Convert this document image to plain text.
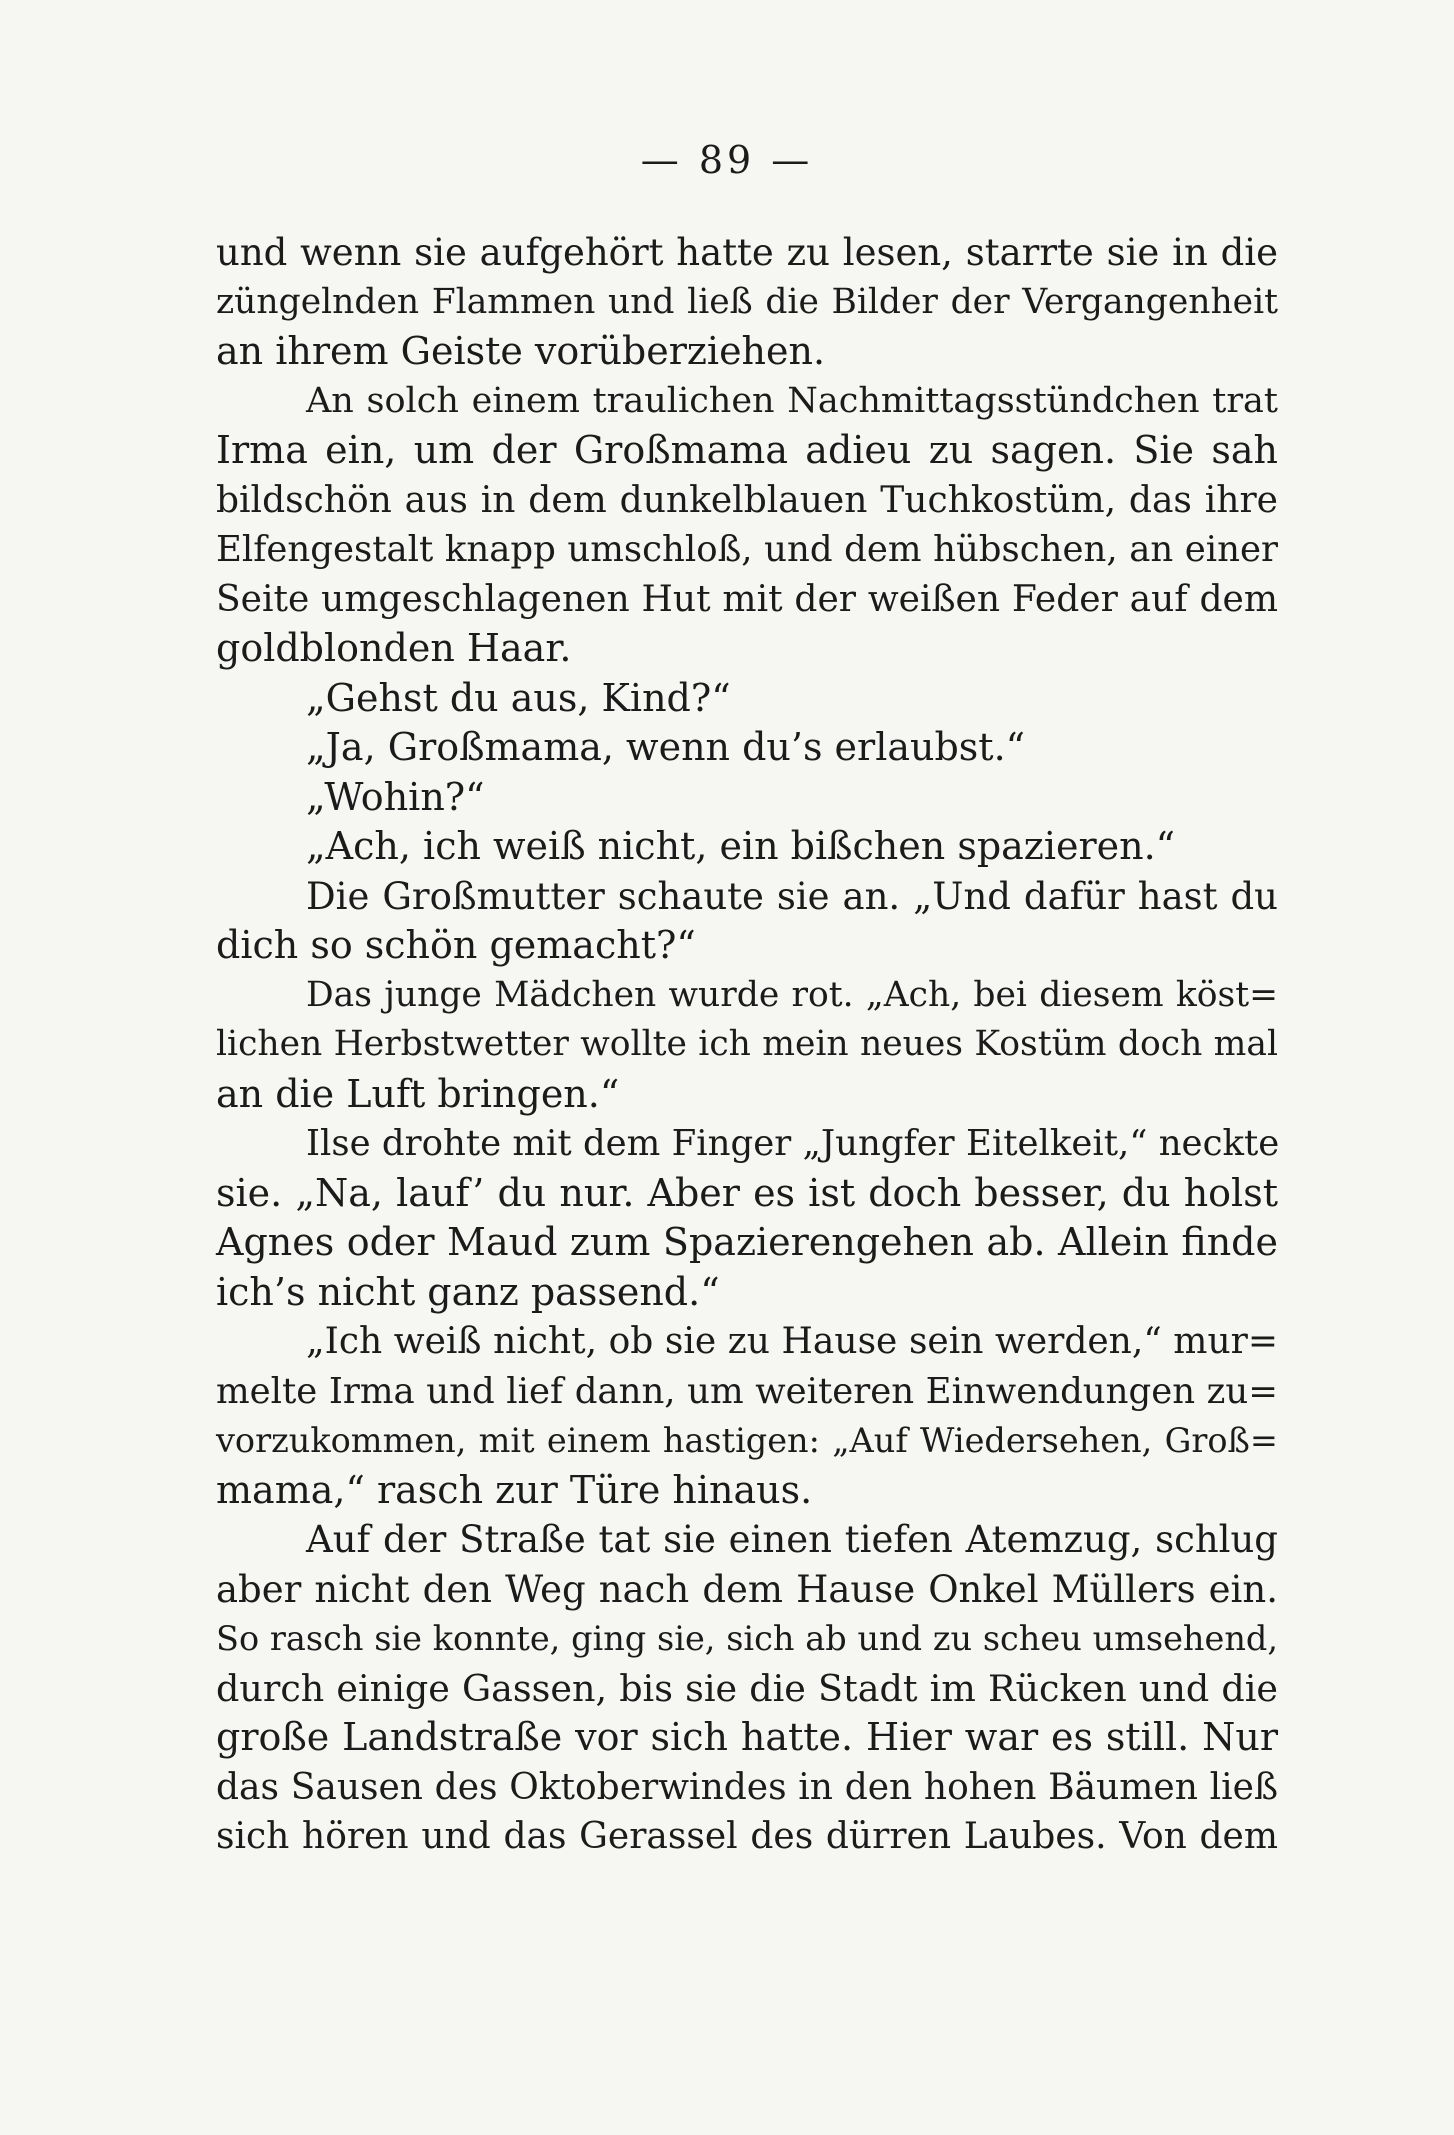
— 89 —
und wenn sie aufgehört hatte zu lesen, starrte sie in die
züngelnden Flammen und ließ die Bilder der Vergangenheit
an ihrem Geiste vorüberziehen.
An solch einem traulichen Nachmittagsstündchen trat
Irma ein, um der Großmama adieu zu sagen. Sie sah
bildschön aus in dem dunkelblauen Tuchkostüm, das ihre
Elfengestalt knapp umschloß, und dem hübschen, an einer
Seite umgeschlagenen Hut mit der weißen Feder auf dem
goldblonden Haar.
„Gehst du aus, Kind?“
„Ja, Großmama, wenn du’s erlaubst.“
„Wohin?“
„Ach, ich weiß nicht, ein bißchen spazieren.“
Die Großmutter schaute sie an. „Und dafür hast du
dich so schön gemacht?“
Das junge Mädchen wurde rot. „Ach, bei diesem köst=
lichen Herbstwetter wollte ich mein neues Kostüm doch mal
an die Luft bringen.“
Ilse drohte mit dem Finger „Jungfer Eitelkeit,“ neckte
sie. „Na, lauf’ du nur. Aber es ist doch besser, du holst
Agnes oder Maud zum Spazierengehen ab. Allein finde
ich’s nicht ganz passend.“
„Ich weiß nicht, ob sie zu Hause sein werden,“ mur=
melte Irma und lief dann, um weiteren Einwendungen zu=
vorzukommen, mit einem hastigen: „Auf Wiedersehen, Groß=
mama,“ rasch zur Türe hinaus.
Auf der Straße tat sie einen tiefen Atemzug, schlug
aber nicht den Weg nach dem Hause Onkel Müllers ein.
So rasch sie konnte, ging sie, sich ab und zu scheu umsehend,
durch einige Gassen, bis sie die Stadt im Rücken und die
große Landstraße vor sich hatte. Hier war es still. Nur
das Sausen des Oktoberwindes in den hohen Bäumen ließ
sich hören und das Gerassel des dürren Laubes. Von dem
